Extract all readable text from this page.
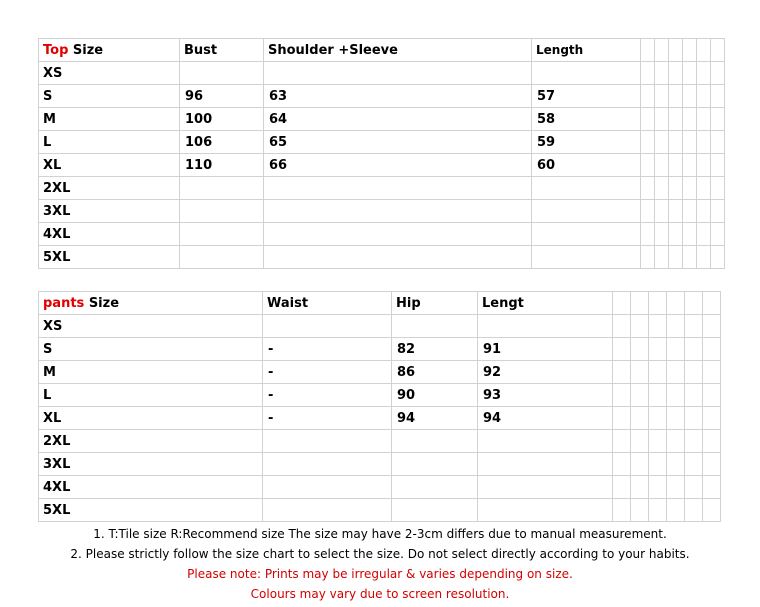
Top Size	Bust	Shoulder +Sleeve	Length						
XS									
S	96	63	57						
M	100	64	58						
L	106	65	59						
XL	110	66	60						
2XL									
3XL									
4XL									
5XL									
pants Size	Waist	Hip	Lengt						
XS									
S	-	82	91						
M	-	86	92						
L	-	90	93						
XL	-	94	94						
2XL									
3XL									
4XL									
5XL									

1. T:Tile size R:Recommend size The size may have 2-3cm differs due to manual measurement.

2. Please strictly follow the size chart to select the size. Do not select directly according to your habits.

Please note: Prints may be irregular & varies depending on size.

Colours may vary due to screen resolution.
